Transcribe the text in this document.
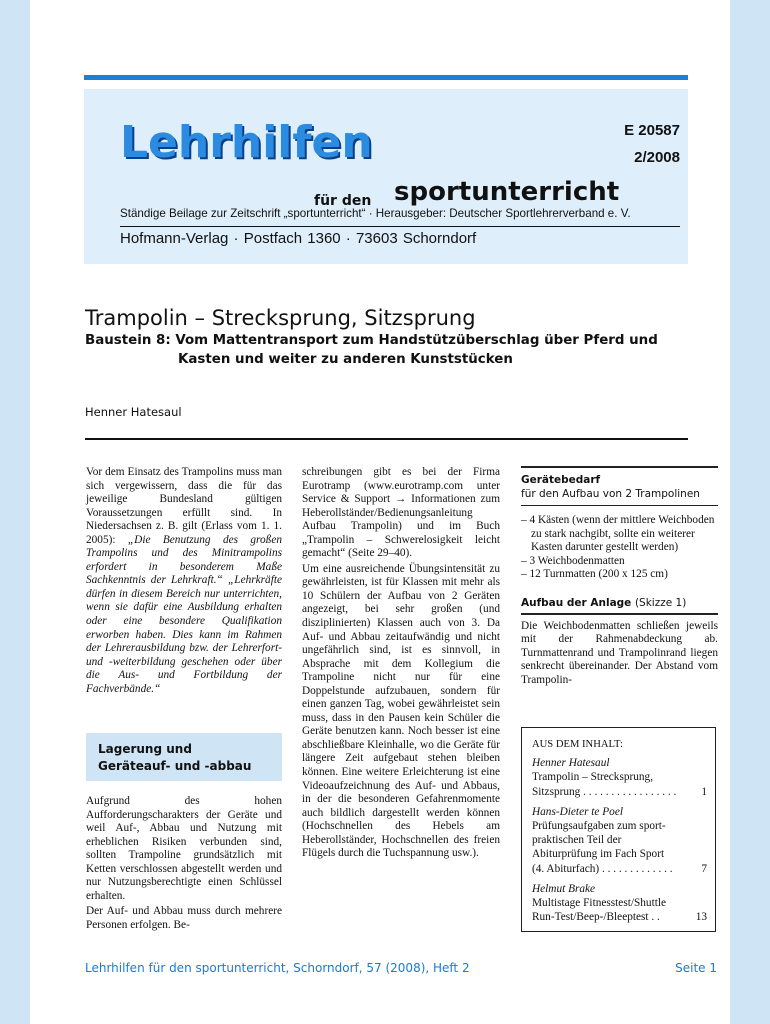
Lehrhilfen	E 20587
2/2008
für den sportunterricht
Ständige Beilage zur Zeitschrift „sportunterricht“ · Herausgeber: Deutscher Sportlehrerverband e. V.
Hofmann-Verlag · Postfach 1360 · 73603 Schorndorf
Trampolin – Strecksprung, Sitzsprung
Baustein 8: Vom Mattentransport zum Handstützüberschlag über Pferd und
Kasten und weiter zu anderen Kunststücken
Henner Hatesaul

Vor dem Einsatz des Trampolins muss man sich vergewissern, dass die für das jeweilige Bundesland gültigen Voraussetzungen erfüllt sind. In Niedersachsen z. B. gilt (Erlass vom 1. 1. 2005): „Die Benutzung des großen Trampolins und des Minitrampolins erfordert in besonderem Maße Sachkenntnis der Lehrkraft.“ „Lehrkräfte dürfen in diesem Bereich nur unterrichten, wenn sie dafür eine Ausbildung erhalten oder eine besondere Qualifikation erworben haben. Dies kann im Rahmen der Lehrerausbildung bzw. der Lehrerfort- und -weiterbildung geschehen oder über die Aus- und Fortbildung der Fachverbände.“

Lagerung und
Geräteauf- und -abbau

Aufgrund des hohen Aufforderungscharakters der Geräte und weil Auf-, Abbau und Nutzung mit erheblichen Risiken verbunden sind, sollten Trampoline grundsätzlich mit Ketten verschlossen abgestellt werden und nur Nutzungsberechtigte einen Schlüssel erhalten.

Der Auf- und Abbau muss durch mehrere Personen erfolgen. Be-

schreibungen gibt es bei der Firma Eurotramp (www.eurotramp.com unter Service & Support → Informationen zum Heberollständer/Bedienungsanleitung Aufbau Trampolin) und im Buch „Trampolin – Schwerelosigkeit leicht gemacht“ (Seite 29–40).

Um eine ausreichende Übungsintensität zu gewährleisten, ist für Klassen mit mehr als 10 Schülern der Aufbau von 2 Geräten angezeigt, bei sehr großen (und disziplinierten) Klassen auch von 3. Da Auf- und Abbau zeitaufwändig und nicht ungefährlich sind, ist es sinnvoll, in Absprache mit dem Kollegium die Trampoline nicht nur für eine Doppelstunde aufzubauen, sondern für einen ganzen Tag, wobei gewährleistet sein muss, dass in den Pausen kein Schüler die Geräte benutzen kann. Noch besser ist eine abschließbare Kleinhalle, wo die Geräte für längere Zeit aufgebaut stehen bleiben können. Eine weitere Erleichterung ist eine Videoaufzeichnung des Auf- und Abbaus, in der die besonderen Gefahrenmomente auch bildlich dargestellt werden können (Hochschnellen des Hebels am Heberollständer, Hochschnellen des freien Flügels durch die Tuchspannung usw.).

Gerätebedarf
für den Aufbau von 2 Trampolinen
– 4 Kästen (wenn der mittlere Weichboden zu stark nachgibt, sollte ein weiterer Kasten darunter gestellt werden)
– 3 Weichbodenmatten
– 12 Turnmatten (200 x 125 cm)
Aufbau der Anlage (Skizze 1)

Die Weichbodenmatten schließen jeweils mit der Rahmenabdeckung ab. Turnmattenrand und Trampolinrand liegen senkrecht übereinander. Der Abstand vom Trampolin-

AUS DEM INHALT:
Henner Hatesaul
Trampolin – Strecksprung,
Sitzsprung . . . . . . . . . . . . . . . . .	1
Hans-Dieter te Poel
Prüfungsaufgaben zum sport-
praktischen Teil der
Abiturprüfung im Fach Sport
(4. Abiturfach) . . . . . . . . . . . . .	7
Helmut Brake
Multistage Fitnesstest/Shuttle
Run-Test/Beep-/Bleeptest . .	13
Lehrhilfen für den sportunterricht, Schorndorf, 57 (2008), Heft 2	Seite 1
